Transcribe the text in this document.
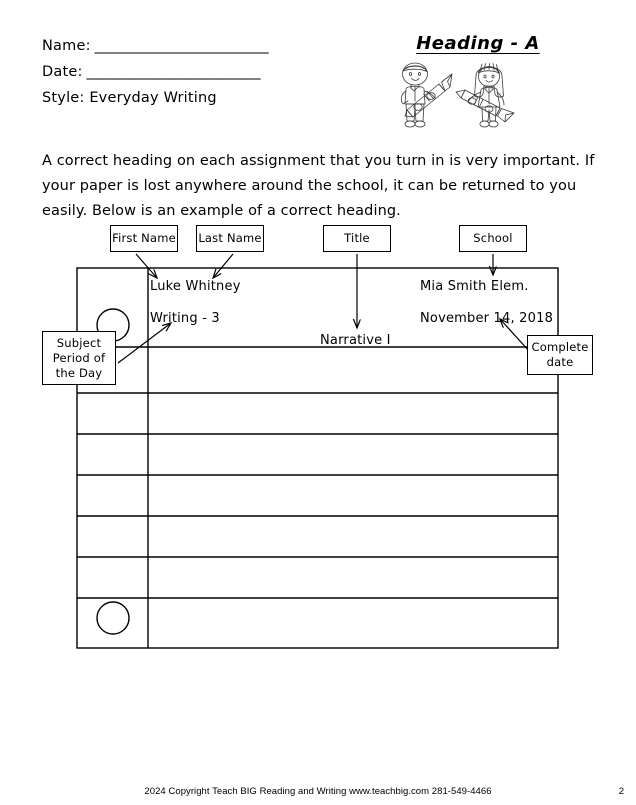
Name: ________________________
Date: ________________________
Style: Everyday Writing
Heading - A

A correct heading on each assignment that you turn in is very important. If your paper is lost anywhere around the school, it can be returned to you easily. Below is an example of a correct heading.

Luke Whitney
Writing - 3
Mia Smith Elem.
November 14, 2018
Narrative I
First Name Last Name	Title	School
Subject
Period of
the Day
Complete
date
2024 Copyright Teach BIG Reading and Writing www.teachbig.com 281-549-4466	2
